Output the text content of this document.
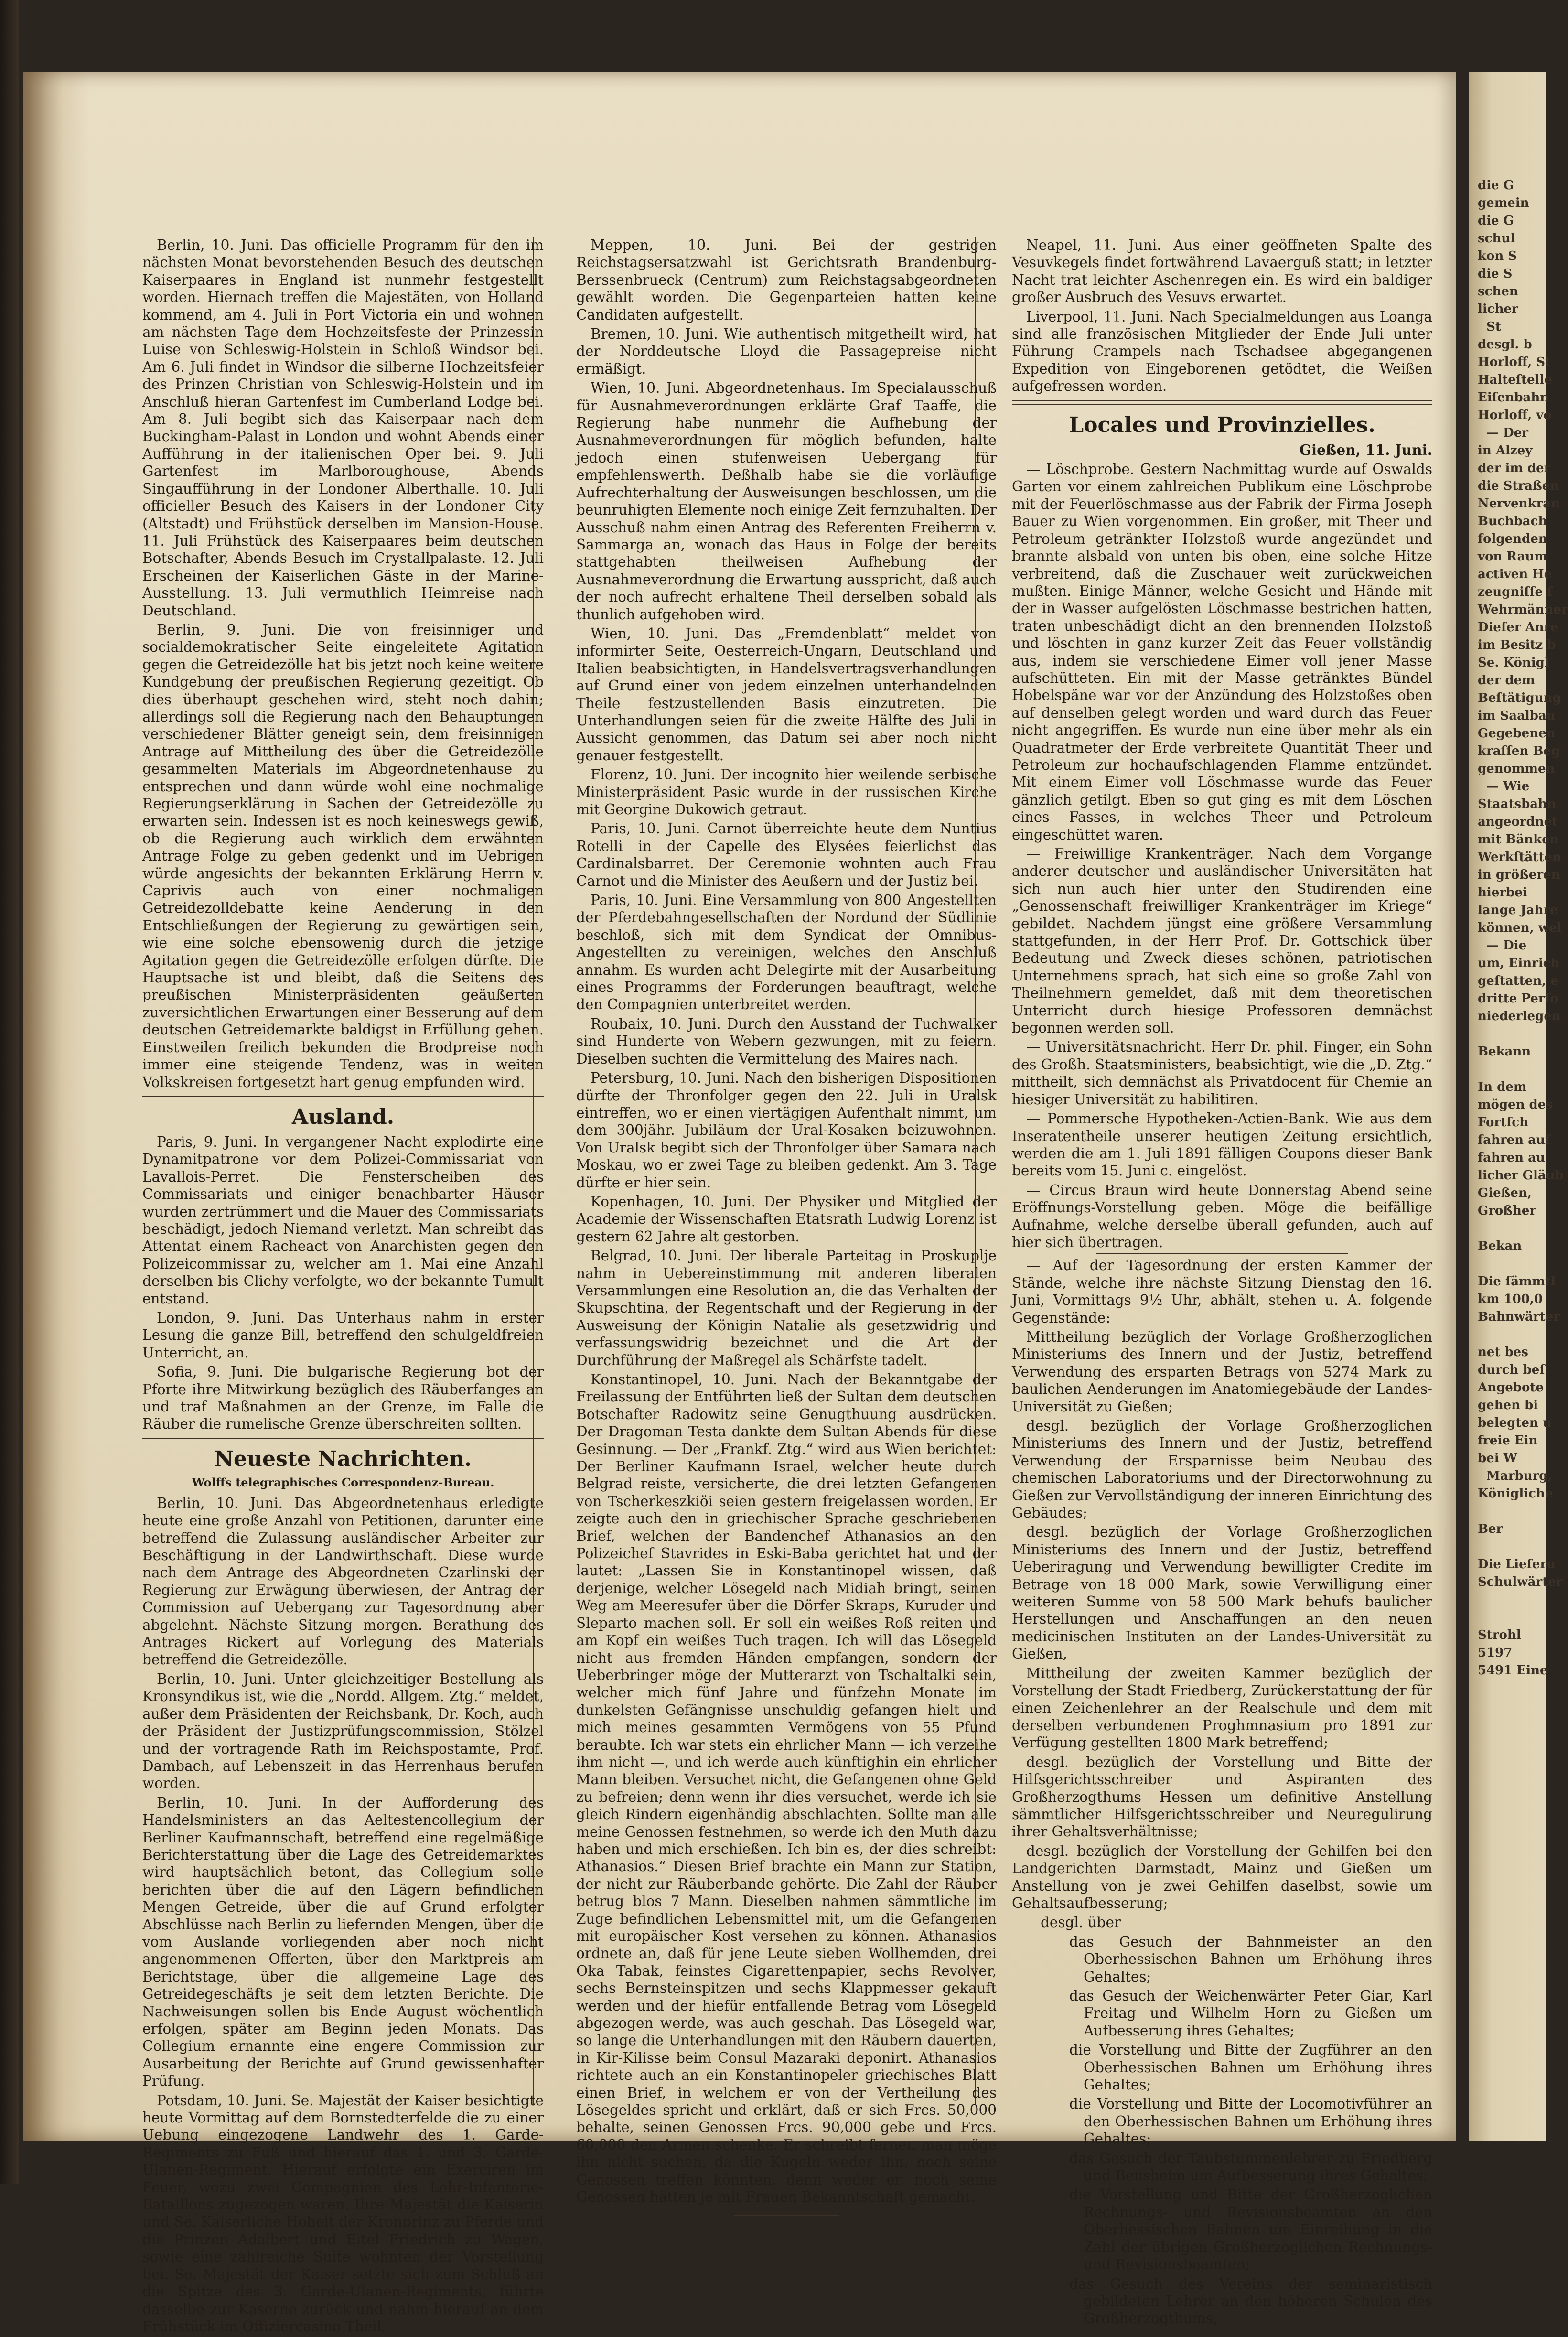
Berlin, 10. Juni. Das officielle Programm für den im nächsten Monat bevorstehenden Besuch des deutschen Kaiserpaares in England ist nunmehr festgestellt worden. Hiernach treffen die Majestäten, von Holland kommend, am 4. Juli in Port Victoria ein und wohnen am nächsten Tage dem Hochzeitsfeste der Prinzessin Luise von Schleswig-Holstein in Schloß Windsor bei. Am 6. Juli findet in Windsor die silberne Hochzeitsfeier des Prinzen Christian von Schleswig-Holstein und im Anschluß hieran Gartenfest im Cumberland Lodge bei. Am 8. Juli begibt sich das Kaiserpaar nach dem Buckingham-Palast in London und wohnt Abends einer Aufführung in der italienischen Oper bei. 9. Juli Gartenfest im Marlboroughouse, Abends Singaufführung in der Londoner Alberthalle. 10. Juli officieller Besuch des Kaisers in der Londoner City (Altstadt) und Frühstück derselben im Mansion-House. 11. Juli Frühstück des Kaiserpaares beim deutschen Botschafter, Abends Besuch im Crystallpalaste. 12. Juli Erscheinen der Kaiserlichen Gäste in der Marine-Ausstellung. 13. Juli vermuthlich Heimreise nach Deutschland.

Berlin, 9. Juni. Die von freisinniger und socialdemokratischer Seite eingeleitete Agitation gegen die Getreidezölle hat bis jetzt noch keine weitere Kundgebung der preußischen Regierung gezeitigt. Ob dies überhaupt geschehen wird, steht noch dahin; allerdings soll die Regierung nach den Behauptungen verschiedener Blätter geneigt sein, dem freisinnigen Antrage auf Mittheilung des über die Getreidezölle gesammelten Materials im Abgeordnetenhause zu entsprechen und dann würde wohl eine nochmalige Regierungserklärung in Sachen der Getreidezölle zu erwarten sein. Indessen ist es noch keineswegs gewiß, ob die Regierung auch wirklich dem erwähnten Antrage Folge zu geben gedenkt und im Uebrigen würde angesichts der bekannten Erklärung Herrn v. Caprivis auch von einer nochmaligen Getreidezolldebatte keine Aenderung in den Entschließungen der Regierung zu gewärtigen sein, wie eine solche ebensowenig durch die jetzige Agitation gegen die Getreidezölle erfolgen dürfte. Die Hauptsache ist und bleibt, daß die Seitens des preußischen Ministerpräsidenten geäußerten zuversichtlichen Erwartungen einer Besserung auf dem deutschen Getreidemarkte baldigst in Erfüllung gehen. Einstweilen freilich bekunden die Brodpreise noch immer eine steigende Tendenz, was in weiten Volkskreisen fortgesetzt hart genug empfunden wird.

Ausland.

Paris, 9. Juni. In vergangener Nacht explodirte eine Dynamitpatrone vor dem Polizei-Commissariat von Lavallois-Perret. Die Fensterscheiben des Commissariats und einiger benachbarter Häuser wurden zertrümmert und die Mauer des Commissariats beschädigt, jedoch Niemand verletzt. Man schreibt das Attentat einem Racheact von Anarchisten gegen den Polizeicommissar zu, welcher am 1. Mai eine Anzahl derselben bis Clichy verfolgte, wo der bekannte Tumult entstand.

London, 9. Juni. Das Unterhaus nahm in erster Lesung die ganze Bill, betreffend den schulgeldfreien Unterricht, an.

Sofia, 9. Juni. Die bulgarische Regierung bot der Pforte ihre Mitwirkung bezüglich des Räuberfanges an und traf Maßnahmen an der Grenze, im Falle die Räuber die rumelische Grenze überschreiten sollten.

Neueste Nachrichten.
Wolffs telegraphisches Correspondenz-Bureau.

Berlin, 10. Juni. Das Abgeordnetenhaus erledigte heute eine große Anzahl von Petitionen, darunter eine betreffend die Zulassung ausländischer Arbeiter zur Beschäftigung in der Landwirthschaft. Diese wurde nach dem Antrage des Abgeordneten Czarlinski der Regierung zur Erwägung überwiesen, der Antrag der Commission auf Uebergang zur Tagesordnung aber abgelehnt. Nächste Sitzung morgen. Berathung des Antrages Rickert auf Vorlegung des Materials betreffend die Getreidezölle.

Berlin, 10. Juni. Unter gleichzeitiger Bestellung als Kronsyndikus ist, wie die „Nordd. Allgem. Ztg.“ meldet, außer dem Präsidenten der Reichsbank, Dr. Koch, auch der Präsident der Justizprüfungscommission, Stölzel und der vortragende Rath im Reichspostamte, Prof. Dambach, auf Lebenszeit in das Herrenhaus berufen worden.

Berlin, 10. Juni. In der Aufforderung des Handelsministers an das Aeltestencollegium der Berliner Kaufmannschaft, betreffend eine regelmäßige Berichterstattung über die Lage des Getreidemarktes wird hauptsächlich betont, das Collegium solle berichten über die auf den Lägern befindlichen Mengen Getreide, über die auf Grund erfolgter Abschlüsse nach Berlin zu liefernden Mengen, über die vom Auslande vorliegenden aber noch nicht angenommenen Offerten, über den Marktpreis am Berichtstage, über die allgemeine Lage des Getreidegeschäfts je seit dem letzten Berichte. Die Nachweisungen sollen bis Ende August wöchentlich erfolgen, später am Beginn jeden Monats. Das Collegium ernannte eine engere Commission zur Ausarbeitung der Berichte auf Grund gewissenhafter Prüfung.

Potsdam, 10. Juni. Se. Majestät der Kaiser besichtigte heute Vormittag auf dem Bornstedterfelde die zu einer Uebung eingezogene Landwehr des 1. Garde-Regiments zu Fuß und hierauf das 1. und 3. Garde-Ulanen-Regiment. Hierauf erfolgte ein Exerciren im Feuer, wozu zwei Compagnien des Lehr-Infanterie-Bataillons zugezogen waren. Ihre Majestät die Kaiserin und Se. Kaiserliche Hoheit der Kronprinz zu Pferde und die Prinzen Adalbert und Eitel Friedrich zu Wagen, sowie eine zahlreiche Suite wohnten der Vorstellung bei. Se. Majestät der Kaiser setzte sich zum Schluß an die Spitze des 3. Garde-Ulanen-Regiments, führte dasselbe zur Kaserne zurück und nahm hierauf an dem Frühstück im Offiziercasino Theil.

Meppen, 10. Juni. Bei der gestrigen Reichstagsersatzwahl ist Gerichtsrath Brandenburg-Berssenbrueck (Centrum) zum Reichstagsabgeordneten gewählt worden. Die Gegenparteien hatten keine Candidaten aufgestellt.

Bremen, 10. Juni. Wie authentisch mitgetheilt wird, hat der Norddeutsche Lloyd die Passagepreise nicht ermäßigt.

Wien, 10. Juni. Abgeordnetenhaus. Im Specialausschuß für Ausnahmeverordnungen erklärte Graf Taaffe, die Regierung habe nunmehr die Aufhebung der Ausnahmeverordnungen für möglich befunden, halte jedoch einen stufenweisen Uebergang für empfehlenswerth. Deßhalb habe sie die vorläufige Aufrechterhaltung der Ausweisungen beschlossen, um die beunruhigten Elemente noch einige Zeit fernzuhalten. Der Ausschuß nahm einen Antrag des Referenten Freiherrn v. Sammarga an, wonach das Haus in Folge der bereits stattgehabten theilweisen Aufhebung der Ausnahmeverordnung die Erwartung ausspricht, daß auch der noch aufrecht erhaltene Theil derselben sobald als thunlich aufgehoben wird.

Wien, 10. Juni. Das „Fremdenblatt“ meldet von informirter Seite, Oesterreich-Ungarn, Deutschland und Italien beabsichtigten, in Handelsvertragsverhandlungen auf Grund einer von jedem einzelnen unterhandelnden Theile festzustellenden Basis einzutreten. Die Unterhandlungen seien für die zweite Hälfte des Juli in Aussicht genommen, das Datum sei aber noch nicht genauer festgestellt.

Florenz, 10. Juni. Der incognito hier weilende serbische Ministerpräsident Pasic wurde in der russischen Kirche mit Georgine Dukowich getraut.

Paris, 10. Juni. Carnot überreichte heute dem Nuntius Rotelli in der Capelle des Elysées feierlichst das Cardinalsbarret. Der Ceremonie wohnten auch Frau Carnot und die Minister des Aeußern und der Justiz bei.

Paris, 10. Juni. Eine Versammlung von 800 Angestellten der Pferdebahngesellschaften der Nordund der Südlinie beschloß, sich mit dem Syndicat der Omnibus-Angestellten zu vereinigen, welches den Anschluß annahm. Es wurden acht Delegirte mit der Ausarbeitung eines Programms der Forderungen beauftragt, welche den Compagnien unterbreitet werden.

Roubaix, 10. Juni. Durch den Ausstand der Tuchwalker sind Hunderte von Webern gezwungen, mit zu feiern. Dieselben suchten die Vermittelung des Maires nach.

Petersburg, 10. Juni. Nach den bisherigen Dispositionen dürfte der Thronfolger gegen den 22. Juli in Uralsk eintreffen, wo er einen viertägigen Aufenthalt nimmt, um dem 300jähr. Jubiläum der Ural-Kosaken beizuwohnen. Von Uralsk begibt sich der Thronfolger über Samara nach Moskau, wo er zwei Tage zu bleiben gedenkt. Am 3. Tage dürfte er hier sein.

Kopenhagen, 10. Juni. Der Physiker und Mitglied der Academie der Wissenschaften Etatsrath Ludwig Lorenz ist gestern 62 Jahre alt gestorben.

Belgrad, 10. Juni. Der liberale Parteitag in Proskuplje nahm in Uebereinstimmung mit anderen liberalen Versammlungen eine Resolution an, die das Verhalten der Skupschtina, der Regentschaft und der Regierung in der Ausweisung der Königin Natalie als gesetzwidrig und verfassungswidrig bezeichnet und die Art der Durchführung der Maßregel als Schärfste tadelt.

Konstantinopel, 10. Juni. Nach der Bekanntgabe der Freilassung der Entführten ließ der Sultan dem deutschen Botschafter Radowitz seine Genugthuung ausdrücken. Der Dragoman Testa dankte dem Sultan Abends für diese Gesinnung. — Der „Frankf. Ztg.“ wird aus Wien berichtet: Der Berliner Kaufmann Israel, welcher heute durch Belgrad reiste, versicherte, die drei letzten Gefangenen von Tscherkeszkiöi seien gestern freigelassen worden. Er zeigte auch den in griechischer Sprache geschriebenen Brief, welchen der Bandenchef Athanasios an den Polizeichef Stavrides in Eski-Baba gerichtet hat und der lautet: „Lassen Sie in Konstantinopel wissen, daß derjenige, welcher Lösegeld nach Midiah bringt, seinen Weg am Meeresufer über die Dörfer Skraps, Kuruder und Sleparto machen soll. Er soll ein weißes Roß reiten und am Kopf ein weißes Tuch tragen. Ich will das Lösegeld nicht aus fremden Händen empfangen, sondern der Ueberbringer möge der Mutterarzt von Tschaltalki sein, welcher mich fünf Jahre und fünfzehn Monate im dunkelsten Gefängnisse unschuldig gefangen hielt und mich meines gesammten Vermögens von 55 Pfund beraubte. Ich war stets ein ehrlicher Mann — ich verzeihe ihm nicht —, und ich werde auch künftighin ein ehrlicher Mann bleiben. Versuchet nicht, die Gefangenen ohne Geld zu befreien; denn wenn ihr dies versuchet, werde ich sie gleich Rindern eigenhändig abschlachten. Sollte man alle meine Genossen festnehmen, so werde ich den Muth dazu haben und mich erschießen. Ich bin es, der dies schreibt: Athanasios.“ Diesen Brief brachte ein Mann zur Station, der nicht zur Räuberbande gehörte. Die Zahl der Räuber betrug blos 7 Mann. Dieselben nahmen sämmtliche im Zuge befindlichen Lebensmittel mit, um die Gefangenen mit europäischer Kost versehen zu können. Athanasios ordnete an, daß für jene Leute sieben Wollhemden, drei Oka Tabak, feinstes Cigarettenpapier, sechs Revolver, sechs Bernsteinspitzen und sechs Klappmesser gekauft werden und der hiefür entfallende Betrag vom Lösegeld abgezogen werde, was auch geschah. Das Lösegeld war, so lange die Unterhandlungen mit den Räubern dauerten, in Kir-Kilisse beim Consul Mazaraki deponirt. Athanasios richtete auch an ein Konstantinopeler griechisches Blatt einen Brief, in welchem er von der Vertheilung des Lösegeldes spricht und erklärt, daß er sich Frcs. 50,000 behalte, seinen Genossen Frcs. 90,000 gebe und Frcs. 60,000 den Armen schenke. Er schreibt ferner, man möge ihn nicht suchen, da die Kugeln weder ihn, noch seine Genossen treffen könnten, denn weder er, noch seine Genossen hätten je mit Frauen Bekanntschaft gemacht.

Neapel, 11. Juni. Aus einer geöffneten Spalte des Vesuvkegels findet fortwährend Lavaerguß statt; in letzter Nacht trat leichter Aschenregen ein. Es wird ein baldiger großer Ausbruch des Vesuvs erwartet.

Liverpool, 11. Juni. Nach Specialmeldungen aus Loanga sind alle französischen Mitglieder der Ende Juli unter Führung Crampels nach Tschadsee abgegangenen Expedition von Eingeborenen getödtet, die Weißen aufgefressen worden.

Locales und Provinzielles.
Gießen, 11. Juni.

— Löschprobe. Gestern Nachmittag wurde auf Oswalds Garten vor einem zahlreichen Publikum eine Löschprobe mit der Feuerlöschmasse aus der Fabrik der Firma Joseph Bauer zu Wien vorgenommen. Ein großer, mit Theer und Petroleum getränkter Holzstoß wurde angezündet und brannte alsbald von unten bis oben, eine solche Hitze verbreitend, daß die Zuschauer weit zurückweichen mußten. Einige Männer, welche Gesicht und Hände mit der in Wasser aufgelösten Löschmasse bestrichen hatten, traten unbeschädigt dicht an den brennenden Holzstoß und löschten in ganz kurzer Zeit das Feuer vollständig aus, indem sie verschiedene Eimer voll jener Masse aufschütteten. Ein mit der Masse getränktes Bündel Hobelspäne war vor der Anzündung des Holzstoßes oben auf denselben gelegt worden und ward durch das Feuer nicht angegriffen. Es wurde nun eine über mehr als ein Quadratmeter der Erde verbreitete Quantität Theer und Petroleum zur hochaufschlagenden Flamme entzündet. Mit einem Eimer voll Löschmasse wurde das Feuer gänzlich getilgt. Eben so gut ging es mit dem Löschen eines Fasses, in welches Theer und Petroleum eingeschüttet waren.

— Freiwillige Krankenträger. Nach dem Vorgange anderer deutscher und ausländischer Universitäten hat sich nun auch hier unter den Studirenden eine „Genossenschaft freiwilliger Krankenträger im Kriege“ gebildet. Nachdem jüngst eine größere Versammlung stattgefunden, in der Herr Prof. Dr. Gottschick über Bedeutung und Zweck dieses schönen, patriotischen Unternehmens sprach, hat sich eine so große Zahl von Theilnehmern gemeldet, daß mit dem theoretischen Unterricht durch hiesige Professoren demnächst begonnen werden soll.

— Universitätsnachricht. Herr Dr. phil. Finger, ein Sohn des Großh. Staatsministers, beabsichtigt, wie die „D. Ztg.“ mittheilt, sich demnächst als Privatdocent für Chemie an hiesiger Universität zu habilitiren.

— Pommersche Hypotheken-Actien-Bank. Wie aus dem Inseratentheile unserer heutigen Zeitung ersichtlich, werden die am 1. Juli 1891 fälligen Coupons dieser Bank bereits vom 15. Juni c. eingelöst.

— Circus Braun wird heute Donnerstag Abend seine Eröffnungs-Vorstellung geben. Möge die beifällige Aufnahme, welche derselbe überall gefunden, auch auf hier sich übertragen.

— Auf der Tagesordnung der ersten Kammer der Stände, welche ihre nächste Sitzung Dienstag den 16. Juni, Vormittags 9½ Uhr, abhält, stehen u. A. folgende Gegenstände:

Mittheilung bezüglich der Vorlage Großherzoglichen Ministeriums des Innern und der Justiz, betreffend Verwendung des ersparten Betrags von 5274 Mark zu baulichen Aenderungen im Anatomiegebäude der Landes-Universität zu Gießen;

desgl. bezüglich der Vorlage Großherzoglichen Ministeriums des Innern und der Justiz, betreffend Verwendung der Ersparnisse beim Neubau des chemischen Laboratoriums und der Directorwohnung zu Gießen zur Vervollständigung der inneren Einrichtung des Gebäudes;

desgl. bezüglich der Vorlage Großherzoglichen Ministeriums des Innern und der Justiz, betreffend Ueberiragung und Verwendung bewilligter Credite im Betrage von 18 000 Mark, sowie Verwilligung einer weiteren Summe von 58 500 Mark behufs baulicher Herstellungen und Anschaffungen an den neuen medicinischen Instituten an der Landes-Universität zu Gießen,

Mittheilung der zweiten Kammer bezüglich der Vorstellung der Stadt Friedberg, Zurückerstattung der für einen Zeichenlehrer an der Realschule und dem mit derselben verbundenen Proghmnasium pro 1891 zur Verfügung gestellten 1800 Mark betreffend;

desgl. bezüglich der Vorstellung und Bitte der Hilfsgerichtsschreiber und Aspiranten des Großherzogthums Hessen um definitive Anstellung sämmtlicher Hilfsgerichtsschreiber und Neuregulirung ihrer Gehaltsverhältnisse;

desgl. bezüglich der Vorstellung der Gehilfen bei den Landgerichten Darmstadt, Mainz und Gießen um Anstellung von je zwei Gehilfen daselbst, sowie um Gehaltsaufbesserung;

desgl. über

das Gesuch der Bahnmeister an den Oberhessischen Bahnen um Erhöhung ihres Gehaltes;

das Gesuch der Weichenwärter Peter Giar, Karl Freitag und Wilhelm Horn zu Gießen um Aufbesserung ihres Gehaltes;

die Vorstellung und Bitte der Zugführer an den Oberhessischen Bahnen um Erhöhung ihres Gehaltes;

die Vorstellung und Bitte der Locomotivführer an den Oberhessischen Bahnen um Erhöhung ihres Gehaltes;

das Gesuch der Taubstummenlehrer zu Friedberg und Bensheim um Aufbesserung ihres Gehaltes;

die Vorstellung und Bitte der Großherzoglichen Rechnungs- und Revisionsbeamten an den Oberhessischen Bahnen um Einreihung in die Zahl der übrigen Großherzoglichen Rechnungs- und Revisionsbeamten;

das Gesuch des Vereins der seminaristisch gebildeten Lehrer an den höheren Schulen des Großherzogthums,

die G
gemein
die G
schul
kon S
die S
schen
licher
St
desgl. b
Horloff, St
Halteſtelle
Eiſenbahn
Horloff, vo
— Der
in Alzey
der im der
die Straßen
Nervenkran
Buchbach
folgenden
von Raum
activen He
zeugniſſe f
Wehrmänner
Dieſer Anre
im Besitz b
Se. Königl
der dem
Beſtätigung
im Saalbau
Gegebenen
kraſſen Beg
genommen
— Wie
Staatsbahn
angeordnet
mit Bänken
Werkſtätten
in größeren
hierbei
lange Jahre
können, wel
— Die
um, Einrich
geſtatten, e
dritte Perſo
niederlegen

Bekann

In dem
mögen des
Fortſch
fahren auf
fahren au
licher Gläub
Gießen,
Großher

Bekan

Die ſämmtl
km 100,0
Bahnwärter

net bes
durch beſ
Angebote
gehen bi
belegten u
freie Ein
bei W
Marburg,
Königliche

Ber

Die Lieferu
Schulwärter

Strohl
5197
5491 Eine
